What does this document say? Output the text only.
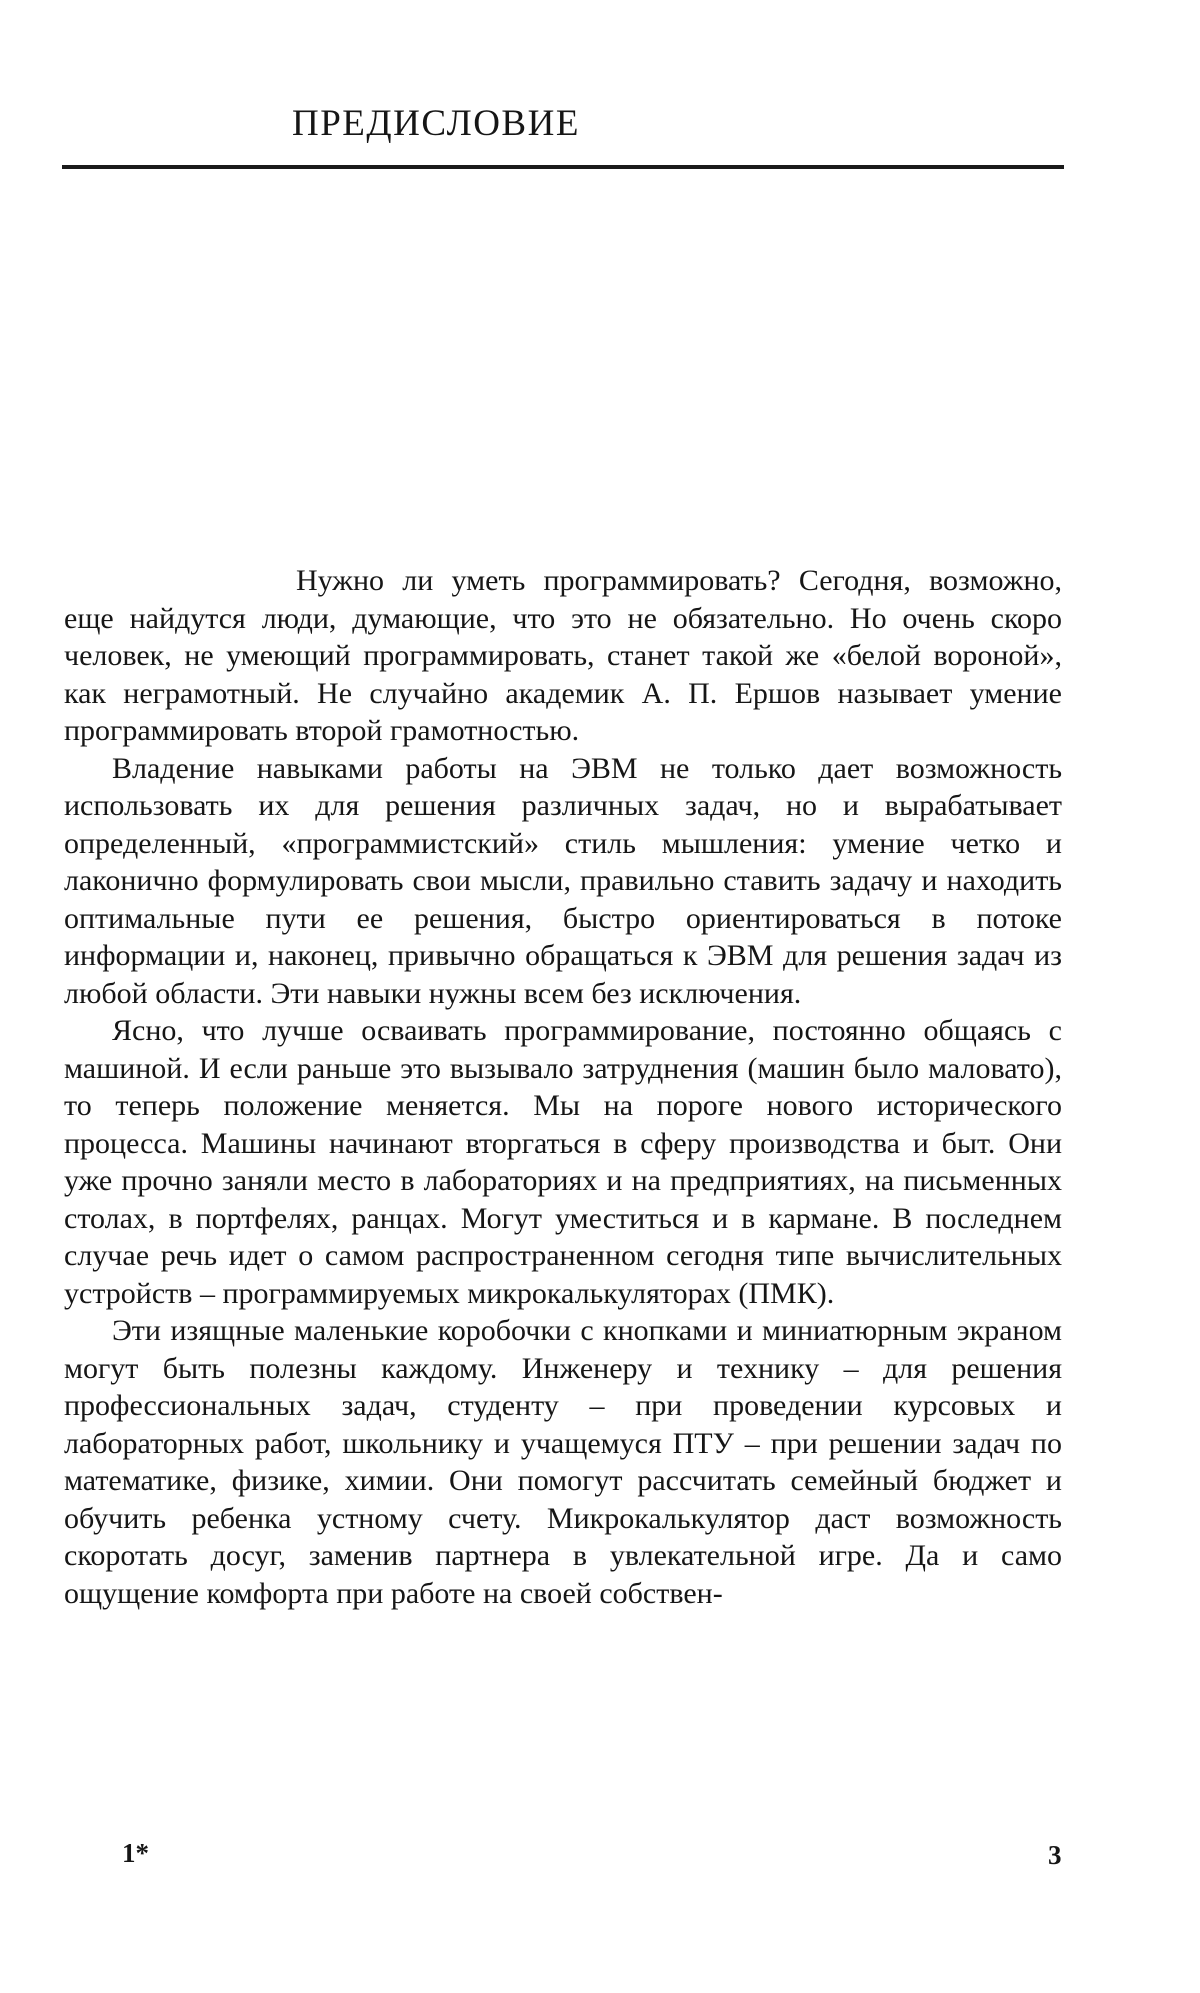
ПРЕДИСЛОВИЕ

Нужно ли уметь программировать? Сегодня, возможно, еще найдутся люди, думающие, что это не обязательно. Но очень скоро человек, не умеющий программировать, станет такой же «белой вороной», как неграмотный. Не случайно академик А. П. Ершов называет умение программировать второй грамотностью.

Владение навыками работы на ЭВМ не только дает возможность использовать их для решения различных задач, но и вырабатывает определенный, «программистский» стиль мышления: умение четко и лаконично формулировать свои мысли, правильно ставить задачу и находить оптимальные пути ее решения, быстро ориентироваться в потоке информации и, наконец, привычно обращаться к ЭВМ для решения задач из любой области. Эти навыки нужны всем без исключения.

Ясно, что лучше осваивать программирование, постоянно общаясь с машиной. И если раньше это вызывало затруднения (машин было маловато), то теперь положение меняется. Мы на пороге нового исторического процесса. Машины начинают вторгаться в сферу производства и быт. Они уже прочно заняли место в лабораториях и на предприятиях, на письменных столах, в портфелях, ранцах. Могут уместиться и в кармане. В последнем случае речь идет о самом распространенном сегодня типе вычислительных устройств – программируемых микрокалькуляторах (ПМК).

Эти изящные маленькие коробочки с кнопками и миниатюрным экраном могут быть полезны каждому. Инженеру и технику – для решения профессиональных задач, студенту – при проведении курсовых и лабораторных работ, школьнику и учащемуся ПТУ – при решении задач по математике, физике, химии. Они помогут рассчитать семейный бюджет и обучить ребенка устному счету. Микрокалькулятор даст возможность скоротать досуг, заменив партнера в увлекательной игре. Да и само ощущение комфорта при работе на своей собствен-

1*	3
